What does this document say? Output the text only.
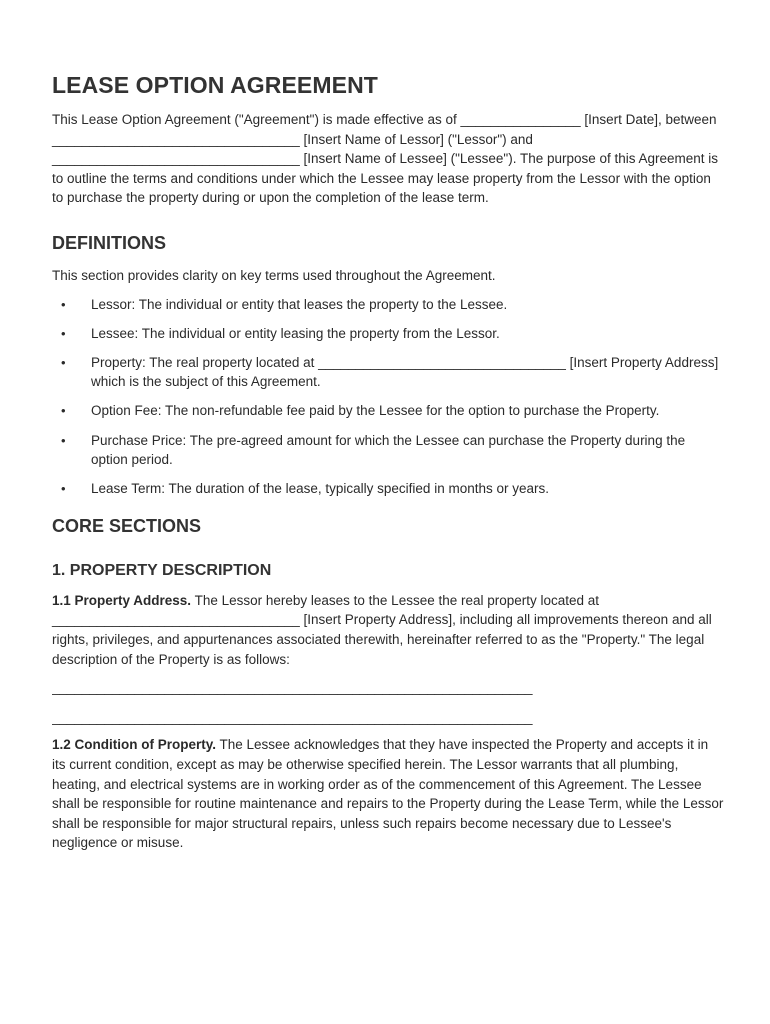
LEASE OPTION AGREEMENT

This Lease Option Agreement ("Agreement") is made effective as of ________________ [Insert Date], between _________________________________ [Insert Name of Lessor] ("Lessor") and _________________________________ [Insert Name of Lessee] ("Lessee"). The purpose of this Agreement is to outline the terms and conditions under which the Lessee may lease property from the Lessor with the option to purchase the property during or upon the completion of the lease term.

DEFINITIONS

This section provides clarity on key terms used throughout the Agreement.

• Lessor: The individual or entity that leases the property to the Lessee.
• Lessee: The individual or entity leasing the property from the Lessor.
• Property: The real property located at _________________________________ [Insert Property Address] which is the subject of this Agreement.
• Option Fee: The non-refundable fee paid by the Lessee for the option to purchase the Property.
• Purchase Price: The pre-agreed amount for which the Lessee can purchase the Property during the option period.
• Lease Term: The duration of the lease, typically specified in months or years.
CORE SECTIONS
1. PROPERTY DESCRIPTION

1.1 Property Address. The Lessor hereby leases to the Lessee the real property located at _________________________________ [Insert Property Address], including all improvements thereon and all rights, privileges, and appurtenances associated therewith, hereinafter referred to as the "Property." The legal description of the Property is as follows:

________________________________________________________________
________________________________________________________________

1.2 Condition of Property. The Lessee acknowledges that they have inspected the Property and accepts it in its current condition, except as may be otherwise specified herein. The Lessor warrants that all plumbing, heating, and electrical systems are in working order as of the commencement of this Agreement. The Lessee shall be responsible for routine maintenance and repairs to the Property during the Lease Term, while the Lessor shall be responsible for major structural repairs, unless such repairs become necessary due to Lessee's negligence or misuse.
